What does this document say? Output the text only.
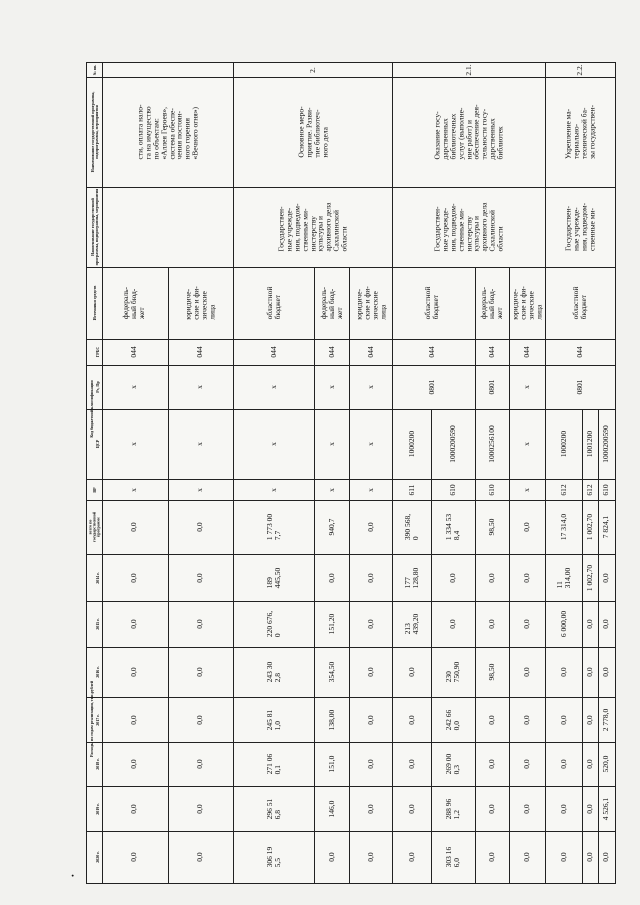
·
№ пп.
Наименование государственной программы, подпрограммы, мероприятия
Наименование государственной программы, подпрограммы, мероприятия
Источники средств
Код бюджетной классификации
ГРБС
Рз, Пр
ЦСР
ВР
всего по государственной программе
Расходы по годам реализации, тыс.рублей
2014 г.
2015 г.
2016 г.
2017 г.
2018 г.
2019 г.
2020 г.
сти, оплата нало-
га на имущество
по объектам:
«Аллея Героев»,
система обеспе-
чения постоян-
ного горения
«Вечного огня»)
федераль-
ный бюд-
жет
044
x
x
x
0,0
0,0
0,0
0,0
0,0
0,0
0,0
0,0
юридиче-
ские и фи-
зические
лица
044
x
x
x
0,0
0,0
0,0
0,0
0,0
0,0
0,0
0,0
2.
Основное меро-
приятие. Разви-
тие библиотеч-
ного дела
Государствен-
ные учрежде-
ния, подведом-
ственные ми-
нистерству
культуры и
архивного дела
Сахалинской
области
областной
бюджет
044
x
x
x
1 773 00
7,7
189
445,50
220 676,
0
243 30
2,8
245 81
1,0
271 06
0,1
296 51
6,8
306 19
5,5
федераль-
ный бюд-
жет
044
x
x
x
940,7
0,0
151,20
354,50
138,00
151,0
146,0
0,0
юридиче-
ские и фи-
зические
лица
044
x
x
x
0,0
0,0
0,0
0,0
0,0
0,0
0,0
0,0
2.1.
Оказание госу-
дарственных
библиотечных
услуг (выполне-
ние работ) и
обеспечение дея-
тельности госу-
дарственных
библиотек
Государствен-
ные учрежде-
ния, подведом-
ственные ми-
нистерству
культуры и
архивного дела
Сахалинской
области
областной
бюджет
044
0801
1000200
611
390 568,
0
177
128,80
213
439,20
0,0
0,0
0,0
0,0
0,0
1000200590
610
1 334 53
8,4
0,0
0,0
230
750,90
242 66
0,0
269 00
0,3
288 96
1,2
303 16
6,0
федераль-
ный бюд-
жет
044
0801
1000256100
610
98,50
0,0
0,0
98,50
0,0
0,0
0,0
0,0
юридиче-
ские и фи-
зические
лица
044
x
x
x
0,0
0,0
0,0
0,0
0,0
0,0
0,0
0,0
2.2.
Укрепление ма-
териально-
технической ба-
зы государствен-
Государствен-
ные учрежде-
ния, подведом-
ственные ми-
областной
бюджет
044
0801
1000200
612
17 314,0
11
314,00
6 000,00
0,0
0,0
0,0
0,0
0,0
1001200
612
1 002,70
1 002,70
0,0
0,0
0,0
0,0
0,0
0,0
1000200590
610
7 824,1
0,0
0,0
0,0
2 778,0
520,0
4 526,1
0,0
